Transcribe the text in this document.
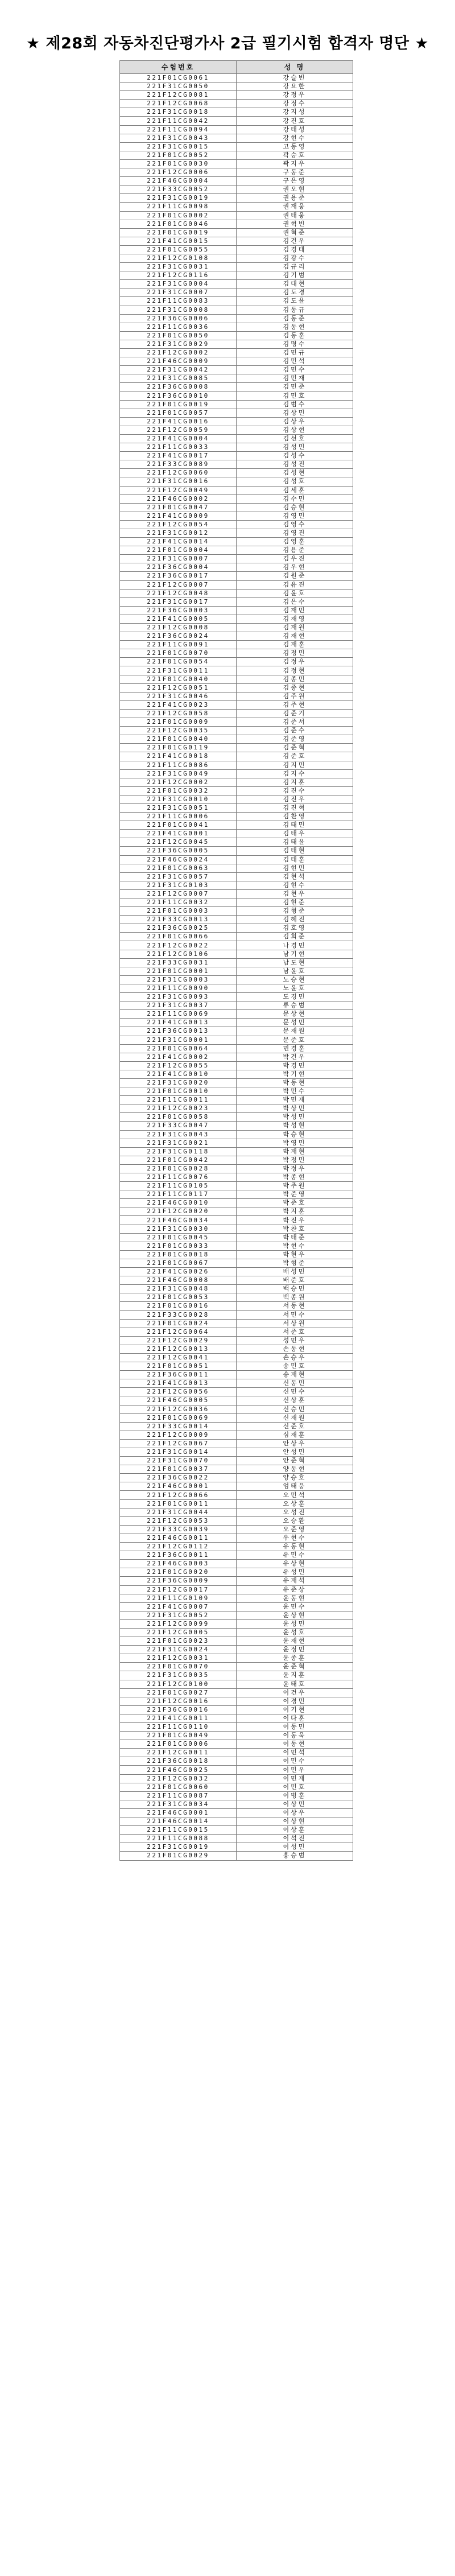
★ 제28회 자동차진단평가사 2급 필기시험 합격자 명단 ★
수험번호	성 명
221F01CG0061	강슬빈
221F31CG0050	강요한
221F12CG0081	강정우
221F12CG0068	강정수
221F31CG0018	강지성
221F11CG0042	강진호
221F11CG0094	강태성
221F31CG0043	강현수
221F31CG0015	고동영
221F01CG0052	곽승호
221F01CG0030	곽지우
221F12CG0006	구동준
221F46CG0004	구은영
221F33CG0052	권오현
221F31CG0019	권용준
221F11CG0098	권재웅
221F01CG0002	권태웅
221F01CG0046	권혁빈
221F01CG0019	권혁준
221F41CG0015	김건우
221F01CG0055	김경태
221F12CG0108	김광수
221F31CG0031	김규리
221F12CG0116	김기범
221F31CG0004	김대현
221F31CG0007	김도경
221F11CG0083	김도윤
221F31CG0008	김동규
221F36CG0006	김동준
221F11CG0036	김동현
221F01CG0050	김동훈
221F31CG0029	김명수
221F12CG0002	김민규
221F46CG0009	김민석
221F31CG0042	김민수
221F31CG0085	김민재
221F36CG0008	김민준
221F36CG0010	김민호
221F01CG0019	김범수
221F01CG0057	김상민
221F41CG0016	김상우
221F12CG0059	김상현
221F41CG0004	김선호
221F11CG0033	김성민
221F41CG0017	김성수
221F33CG0089	김성진
221F12CG0060	김성현
221F31CG0016	김성호
221F12CG0049	김세훈
221F46CG0002	김수민
221F01CG0047	김승현
221F41CG0009	김영민
221F12CG0054	김영수
221F31CG0012	김영진
221F41CG0014	김영훈
221F01CG0004	김용준
221F31CG0007	김우진
221F36CG0004	김우현
221F36CG0017	김원준
221F12CG0007	김유진
221F12CG0048	김윤호
221F31CG0017	김은수
221F36CG0003	김재민
221F41CG0005	김재영
221F12CG0008	김재원
221F36CG0024	김재현
221F11CG0091	김재훈
221F01CG0070	김정민
221F01CG0054	김정우
221F31CG0011	김정현
221F01CG0040	김종민
221F12CG0051	김종현
221F31CG0046	김주원
221F41CG0023	김주현
221F12CG0058	김준기
221F01CG0009	김준서
221F12CG0035	김준수
221F01CG0040	김준영
221F01CG0119	김준혁
221F41CG0018	김준호
221F11CG0086	김지민
221F31CG0049	김지수
221F12CG0002	김지훈
221F01CG0032	김진수
221F31CG0010	김진우
221F31CG0051	김진혁
221F11CG0006	김찬영
221F01CG0041	김태민
221F41CG0001	김태우
221F12CG0045	김태윤
221F36CG0005	김태현
221F46CG0024	김태훈
221F01CG0063	김현민
221F31CG0057	김현석
221F31CG0103	김현수
221F12CG0007	김현우
221F11CG0032	김현준
221F01CG0003	김형준
221F33CG0013	김혜진
221F36CG0025	김호영
221F01CG0066	김희준
221F12CG0022	나경민
221F12CG0106	남기현
221F33CG0031	남도현
221F01CG0001	남윤호
221F31CG0003	노승현
221F11CG0090	노윤호
221F31CG0093	도경민
221F31CG0037	류승범
221F11CG0069	문상현
221F41CG0013	문성민
221F36CG0013	문재원
221F31CG0001	문준호
221F01CG0064	민경훈
221F41CG0002	박건우
221F12CG0055	박경민
221F41CG0010	박기현
221F31CG0020	박동현
221F01CG0010	박민수
221F11CG0011	박민재
221F12CG0023	박상민
221F01CG0058	박성민
221F33CG0047	박성현
221F31CG0043	박승현
221F31CG0021	박영민
221F31CG0118	박재현
221F01CG0042	박정민
221F01CG0028	박정우
221F11CG0076	박종현
221F11CG0105	박주원
221F11CG0117	박준영
221F46CG0010	박준호
221F12CG0020	박지훈
221F46CG0034	박진우
221F31CG0030	박찬호
221F01CG0045	박태준
221F01CG0033	박현수
221F01CG0018	박현우
221F01CG0067	박형준
221F41CG0026	배성민
221F46CG0008	배준호
221F31CG0048	백승민
221F01CG0053	백종원
221F01CG0016	서동현
221F33CG0028	서민수
221F01CG0024	서상원
221F12CG0064	서준호
221F12CG0029	성민우
221F12CG0013	손동현
221F12CG0041	손승우
221F01CG0051	송민호
221F36CG0011	송재현
221F41CG0013	신동민
221F12CG0056	신민수
221F46CG0005	신상훈
221F12CG0036	신승민
221F01CG0069	신재원
221F33CG0014	신준호
221F12CG0009	심재훈
221F12CG0067	안상우
221F31CG0014	안성민
221F31CG0070	안준혁
221F01CG0037	양동현
221F36CG0022	양승호
221F46CG0001	엄태웅
221F12CG0066	오민석
221F01CG0011	오상훈
221F31CG0044	오성진
221F12CG0053	오승환
221F33CG0039	오준영
221F46CG0011	우현수
221F12CG0112	유동현
221F36CG0011	유민수
221F46CG0003	유상현
221F01CG0020	유성민
221F36CG0009	유재석
221F12CG0017	유준상
221F11CG0109	윤동현
221F41CG0007	윤민수
221F31CG0052	윤상현
221F12CG0099	윤성민
221F12CG0005	윤성호
221F01CG0023	윤재현
221F31CG0024	윤정민
221F12CG0031	윤종훈
221F01CG0070	윤준혁
221F31CG0035	윤지훈
221F12CG0100	윤태호
221F01CG0027	이건우
221F12CG0016	이경민
221F36CG0016	이기현
221F41CG0011	이다훈
221F11CG0110	이동민
221F01CG0049	이동욱
221F01CG0006	이동현
221F12CG0011	이민석
221F36CG0018	이민수
221F46CG0025	이민우
221F12CG0032	이민재
221F01CG0060	이민호
221F11CG0087	이병훈
221F31CG0034	이상민
221F46CG0001	이상우
221F46CG0014	이상현
221F11CG0015	이상훈
221F11CG0088	이석진
221F31CG0019	이성민
221F01CG0029	홍승범
